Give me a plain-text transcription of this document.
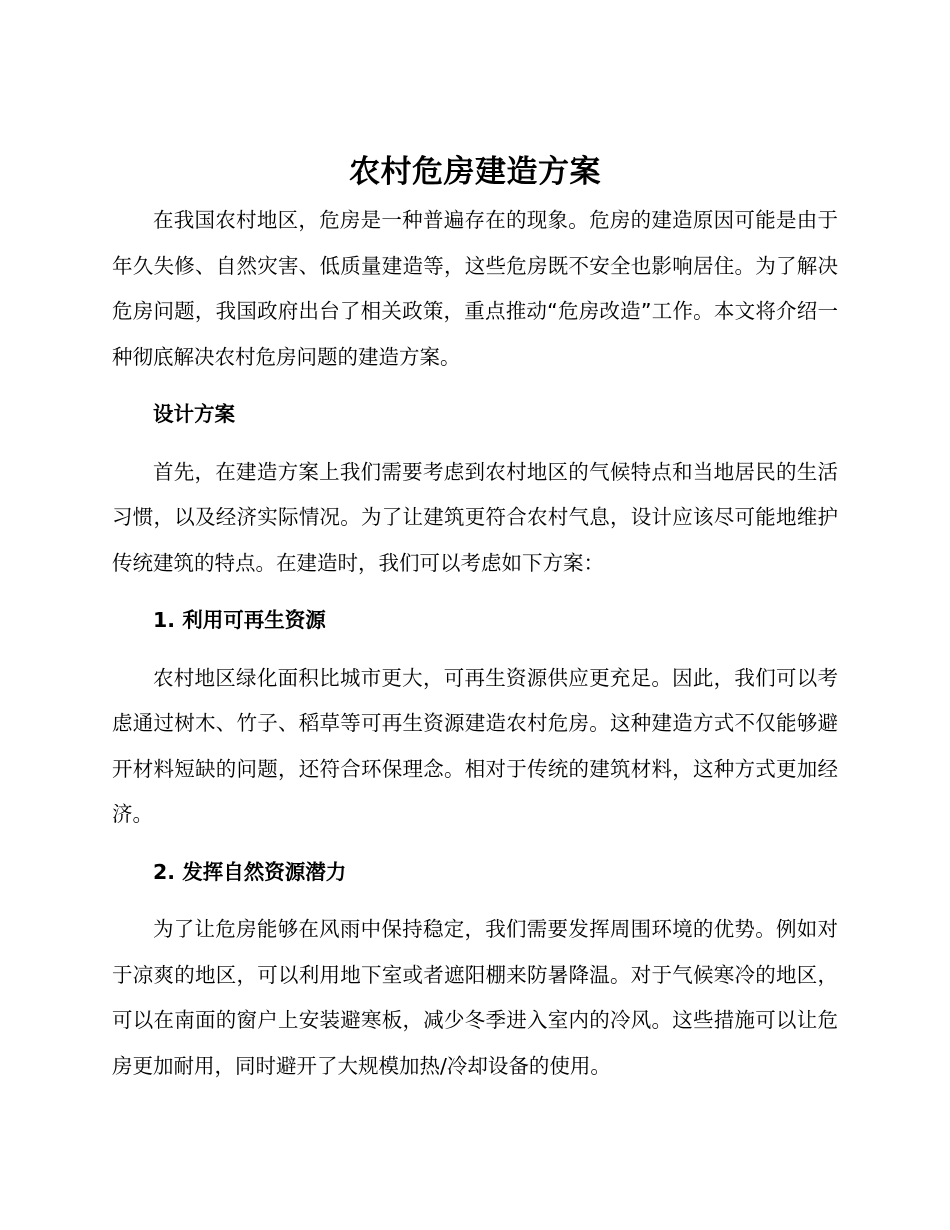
农村危房建造方案

在我国农村地区，危房是一种普遍存在的现象。危房的建造原因可能是由于年久失修、自然灾害、低质量建造等，这些危房既不安全也影响居住。为了解决危房问题，我国政府出台了相关政策，重点推动“危房改造”工作。本文将介绍一种彻底解决农村危房问题的建造方案。

设计方案

首先，在建造方案上我们需要考虑到农村地区的气候特点和当地居民的生活习惯，以及经济实际情况。为了让建筑更符合农村气息，设计应该尽可能地维护传统建筑的特点。在建造时，我们可以考虑如下方案：

1. 利用可再生资源

农村地区绿化面积比城市更大，可再生资源供应更充足。因此，我们可以考虑通过树木、竹子、稻草等可再生资源建造农村危房。这种建造方式不仅能够避开材料短缺的问题，还符合环保理念。相对于传统的建筑材料，这种方式更加经济。

2. 发挥自然资源潜力

为了让危房能够在风雨中保持稳定，我们需要发挥周围环境的优势。例如对于凉爽的地区，可以利用地下室或者遮阳棚来防暑降温。对于气候寒冷的地区，可以在南面的窗户上安装避寒板，减少冬季进入室内的冷风。这些措施可以让危房更加耐用，同时避开了大规模加热/冷却设备的使用。
